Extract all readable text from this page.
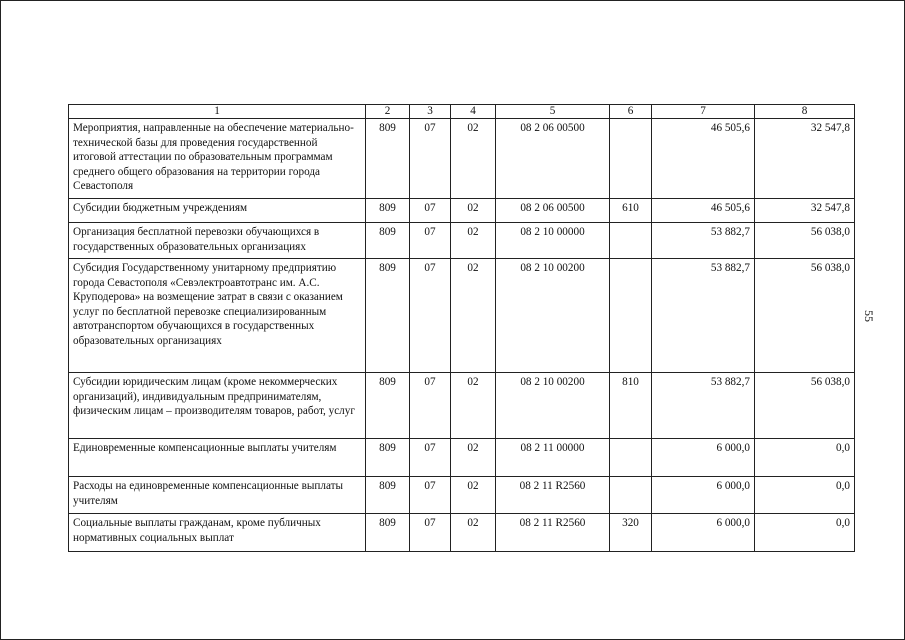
1	2	3	4	5	6	7	8
Мероприятия, направленные на обеспечение материально-технической базы для проведения государственной итоговой аттестации по образовательным программам среднего общего образования на территории города Севастополя	809	07	02	08 2 06 00500		46 505,6	32 547,8
Субсидии бюджетным учреждениям	809	07	02	08 2 06 00500	610	46 505,6	32 547,8
Организация бесплатной перевозки обучающихся в государственных образовательных организациях	809	07	02	08 2 10 00000		53 882,7	56 038,0
Субсидия Государственному унитарному предприятию города Севастополя «Севэлектроавтотранс им. А.С. Круподерова» на возмещение затрат в связи с оказанием услуг по бесплатной перевозке специализированным автотранспортом обучающихся в государственных образовательных организациях	809	07	02	08 2 10 00200		53 882,7	56 038,0
Субсидии юридическим лицам (кроме некоммерческих организаций), индивидуальным предпринимателям, физическим лицам – производителям товаров, работ, услуг	809	07	02	08 2 10 00200	810	53 882,7	56 038,0
Единовременные компенсационные выплаты учителям	809	07	02	08 2 11 00000		6 000,0	0,0
Расходы на единовременные компенсационные выплаты учителям	809	07	02	08 2 11 R2560		6 000,0	0,0
Социальные выплаты гражданам, кроме публичных нормативных социальных выплат	809	07	02	08 2 11 R2560	320	6 000,0	0,0
55
